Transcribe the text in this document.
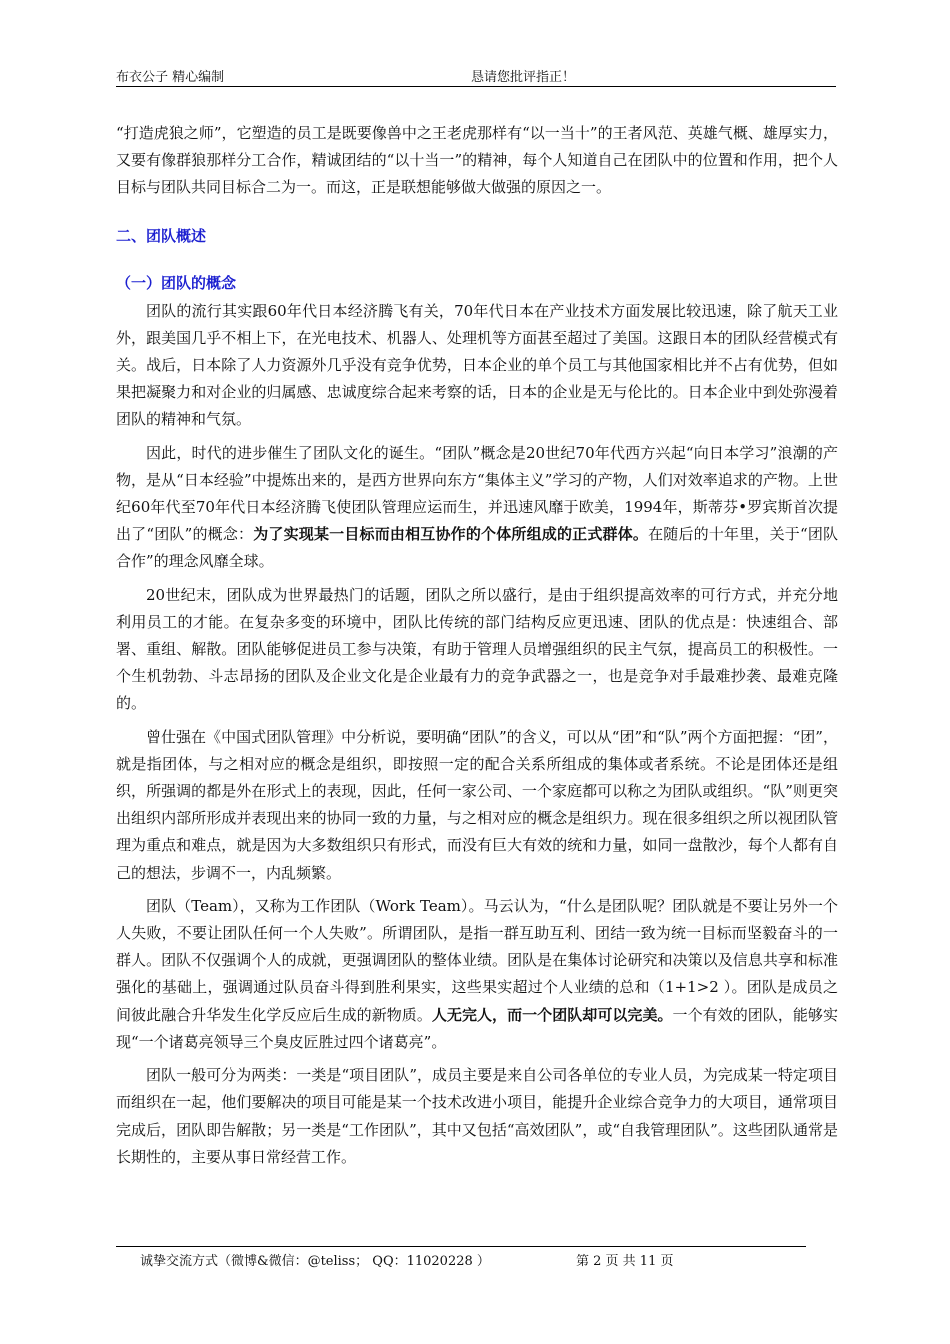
布衣公子 精心编制	恳请您批评指正！

“打造虎狼之师”，它塑造的员工是既要像兽中之王老虎那样有“以一当十”的王者风范、英雄气概、雄厚实力，又要有像群狼那样分工合作，精诚团结的“以十当一”的精神，每个人知道自己在团队中的位置和作用，把个人目标与团队共同目标合二为一。而这，正是联想能够做大做强的原因之一。

二、团队概述
（一）团队的概念

团队的流行其实跟60年代日本经济腾飞有关，70年代日本在产业技术方面发展比较迅速，除了航天工业外，跟美国几乎不相上下，在光电技术、机器人、处理机等方面甚至超过了美国。这跟日本的团队经营模式有关。战后，日本除了人力资源外几乎没有竞争优势，日本企业的单个员工与其他国家相比并不占有优势，但如果把凝聚力和对企业的归属感、忠诚度综合起来考察的话，日本的企业是无与伦比的。日本企业中到处弥漫着团队的精神和气氛。

因此，时代的进步催生了团队文化的诞生。“团队”概念是20世纪70年代西方兴起“向日本学习”浪潮的产物，是从“日本经验”中提炼出来的，是西方世界向东方“集体主义”学习的产物，人们对效率追求的产物。上世纪60年代至70年代日本经济腾飞使团队管理应运而生，并迅速风靡于欧美，1994年，斯蒂芬•罗宾斯首次提出了“团队”的概念：为了实现某一目标而由相互协作的个体所组成的正式群体。在随后的十年里，关于“团队合作”的理念风靡全球。

20世纪末，团队成为世界最热门的话题，团队之所以盛行，是由于组织提高效率的可行方式，并充分地利用员工的才能。在复杂多变的环境中，团队比传统的部门结构反应更迅速、团队的优点是：快速组合、部署、重组、解散。团队能够促进员工参与决策，有助于管理人员增强组织的民主气氛，提高员工的积极性。一个生机勃勃、斗志昂扬的团队及企业文化是企业最有力的竞争武器之一，也是竞争对手最难抄袭、最难克隆的。

曾仕强在《中国式团队管理》中分析说，要明确“团队”的含义，可以从“团”和“队”两个方面把握：“团”，就是指团体，与之相对应的概念是组织，即按照一定的配合关系所组成的集体或者系统。不论是团体还是组织，所强调的都是外在形式上的表现，因此，任何一家公司、一个家庭都可以称之为团队或组织。“队”则更突出组织内部所形成并表现出来的协同一致的力量，与之相对应的概念是组织力。现在很多组织之所以视团队管理为重点和难点，就是因为大多数组织只有形式，而没有巨大有效的统和力量，如同一盘散沙，每个人都有自己的想法，步调不一，内乱频繁。

团队（Team），又称为工作团队（Work Team）。马云认为，“什么是团队呢？团队就是不要让另外一个人失败，不要让团队任何一个人失败”。所谓团队，是指一群互助互利、团结一致为统一目标而坚毅奋斗的一群人。团队不仅强调个人的成就，更强调团队的整体业绩。团队是在集体讨论研究和决策以及信息共享和标准强化的基础上，强调通过队员奋斗得到胜利果实，这些果实超过个人业绩的总和（1+1>2 ）。团队是成员之间彼此融合升华发生化学反应后生成的新物质。人无完人，而一个团队却可以完美。一个有效的团队，能够实现“一个诸葛亮领导三个臭皮匠胜过四个诸葛亮”。

团队一般可分为两类：一类是“项目团队”，成员主要是来自公司各单位的专业人员，为完成某一特定项目而组织在一起，他们要解决的项目可能是某一个技术改进小项目，能提升企业综合竞争力的大项目，通常项目完成后，团队即告解散；另一类是“工作团队”，其中又包括“高效团队”，或“自我管理团队”。这些团队通常是长期性的，主要从事日常经营工作。

诚挚交流方式（微博&微信：@teliss； QQ：11020228 ）	第 2 页 共 11 页
